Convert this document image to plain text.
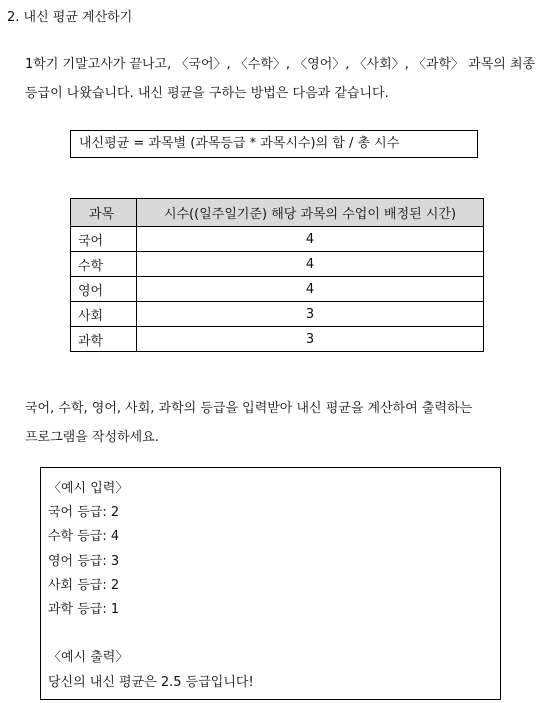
2. 내신 평균 계산하기
1학기 기말고사가 끝나고, 〈국어〉, 〈수학〉, 〈영어〉, 〈사회〉, 〈과학〉 과목의 최종
등급이 나왔습니다. 내신 평균을 구하는 방법은 다음과 같습니다.
내신평균 = 과목별 (과목등급 * 과목시수)의 합 / 총 시수
과목	시수((일주일기준) 해당 과목의 수업이 배정된 시간)
국어	4
수학	4
영어	4
사회	3
과학	3
국어, 수학, 영어, 사회, 과학의 등급을 입력받아 내신 평균을 계산하여 출력하는
프로그램을 작성하세요.
〈예시 입력〉
국어 등급: 2
수학 등급: 4
영어 등급: 3
사회 등급: 2
과학 등급: 1
〈예시 출력〉
당신의 내신 평균은 2.5 등급입니다!
